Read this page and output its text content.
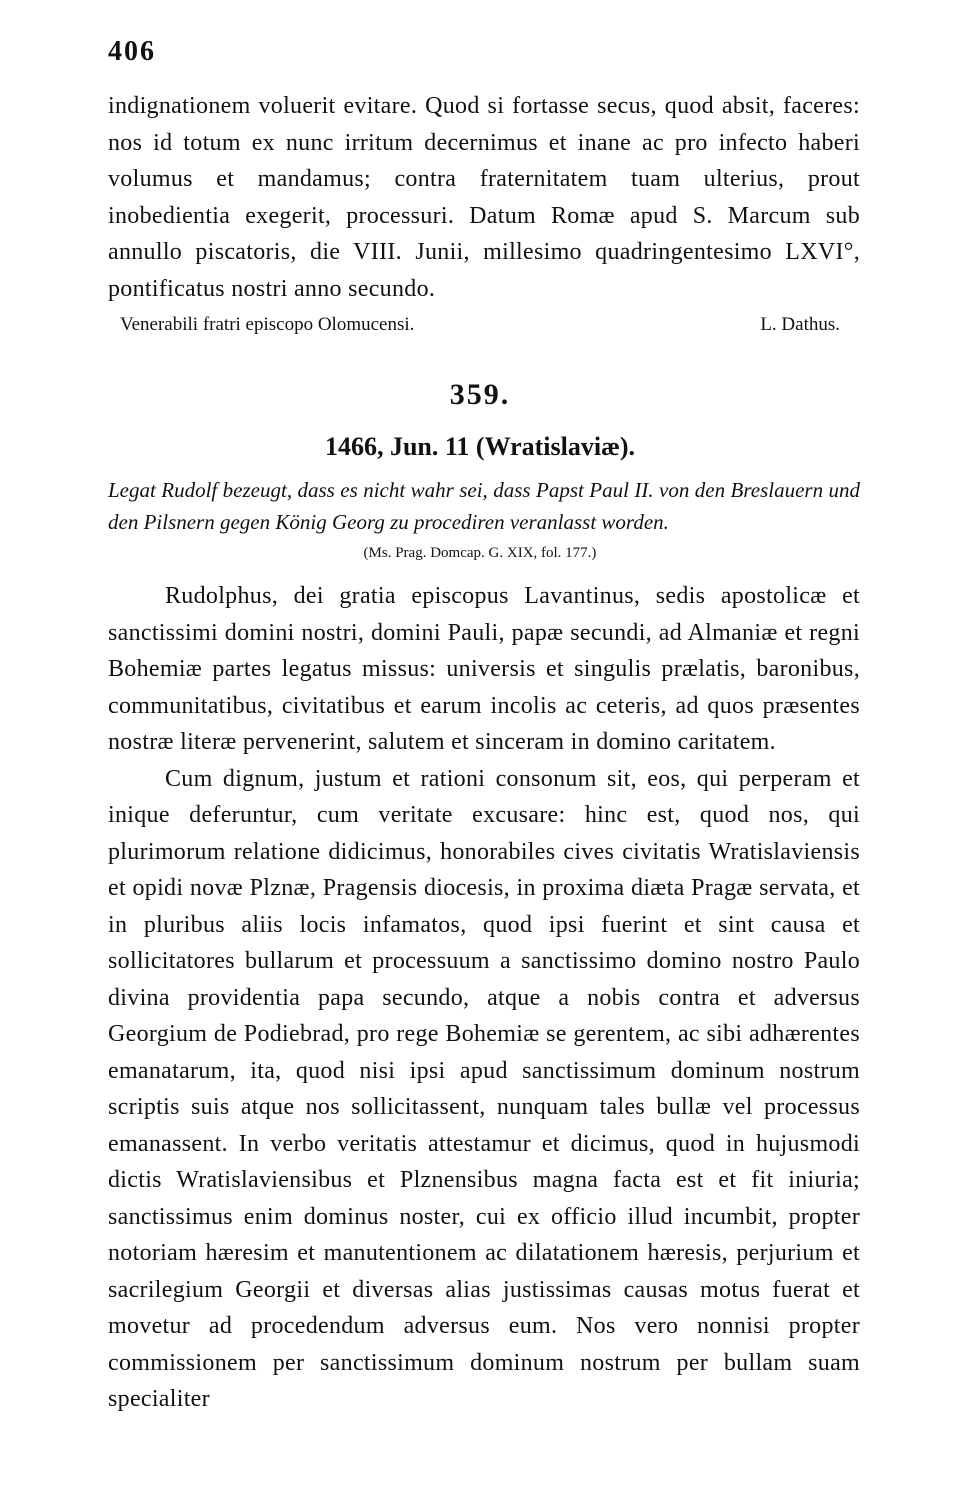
406

indignationem voluerit evitare. Quod si fortasse secus, quod absit, faceres: nos id totum ex nunc irritum decernimus et inane ac pro infecto haberi volumus et mandamus; contra fraternitatem tuam ulterius, prout inobedientia exegerit, processuri. Datum Romæ apud S. Marcum sub annullo piscatoris, die VIII. Junii, millesimo quadringentesimo LXVI°, pontificatus nostri anno secundo.

Venerabili fratri episcopo Olomucensi.	L. Dathus.
359.
1466, Jun. 11 (Wratislaviæ).
Legat Rudolf bezeugt, dass es nicht wahr sei, dass Papst Paul II. von den Breslauern und den Pilsnern gegen König Georg zu procediren veranlasst worden.
(Ms. Prag. Domcap. G. XIX, fol. 177.)

Rudolphus, dei gratia episcopus Lavantinus, sedis apostolicæ et sanctissimi domini nostri, domini Pauli, papæ secundi, ad Almaniæ et regni Bohemiæ partes legatus missus: universis et singulis prælatis, baronibus, communitatibus, civitatibus et earum incolis ac ceteris, ad quos præsentes nostræ literæ pervenerint, salutem et sinceram in domino caritatem.

Cum dignum, justum et rationi consonum sit, eos, qui perperam et inique deferuntur, cum veritate excusare: hinc est, quod nos, qui plurimorum relatione didicimus, honorabiles cives civitatis Wratislaviensis et opidi novæ Plznæ, Pragensis diocesis, in proxima diæta Pragæ servata, et in pluribus aliis locis infamatos, quod ipsi fuerint et sint causa et sollicitatores bullarum et processuum a sanctissimo domino nostro Paulo divina providentia papa secundo, atque a nobis contra et adversus Georgium de Podiebrad, pro rege Bohemiæ se gerentem, ac sibi adhærentes emanatarum, ita, quod nisi ipsi apud sanctissimum dominum nostrum scriptis suis atque nos sollicitassent, nunquam tales bullæ vel processus emanassent. In verbo veritatis attestamur et dicimus, quod in hujusmodi dictis Wratislaviensibus et Plznensibus magna facta est et fit iniuria; sanctissimus enim dominus noster, cui ex officio illud incumbit, propter notoriam hæresim et manutentionem ac dilatationem hæresis, perjurium et sacrilegium Georgii et diversas alias justissimas causas motus fuerat et movetur ad procedendum adversus eum. Nos vero nonnisi propter commissionem per sanctissimum dominum nostrum per bullam suam specialiter
